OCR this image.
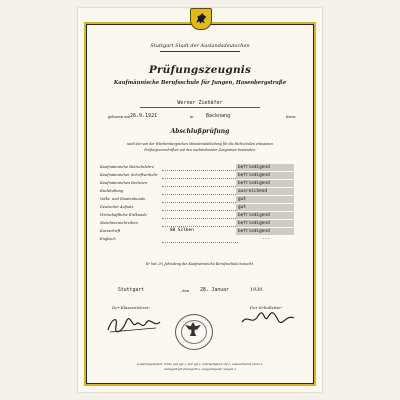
Stuttgart Stadt der Auslandsdeutschen
Prüfungszeugnis
Kaufmännische Berufsschule für Jungen, Hasenbergstraße
Werner Ziehäfer
geboren am 26.9.1921	in	Backnang	Kreis
Abschlußprüfung
nach den von der Württembergischen Ministerialabteilung für die Fachschulen erlassenen
Prüfungsvorschriften mit den nachstehenden Zeugnissen bestanden:
Kaufmännische Betriebslehre	befriedigend
Kaufmännischer Schriftverkehr	befriedigend
Kaufmännisches Rechnen	befriedigend
Buchhaltung	ausreichend
Volks- und Staatenkunde	gut
Deutscher Aufsatz	gut
Wirtschaftliche Erdkunde	befriedigend
Maschinenschreiben	befriedigend
Kurzschrift	80 Silben	befriedigend
Englisch	---
Er hat 2¼ Jahrelang die Kaufmännische Berufsschule besucht.
Stuttgart	, den 28. Januar	1939.
Der Klassenlehrer:	Der Schulleiter:
Leistungsstufen: Note gut (gt.), gut (gt.), befriedigend (bf.), ausreichend (ausr.),
mangelhaft (mangelh.), ungenügend (ungen.)
